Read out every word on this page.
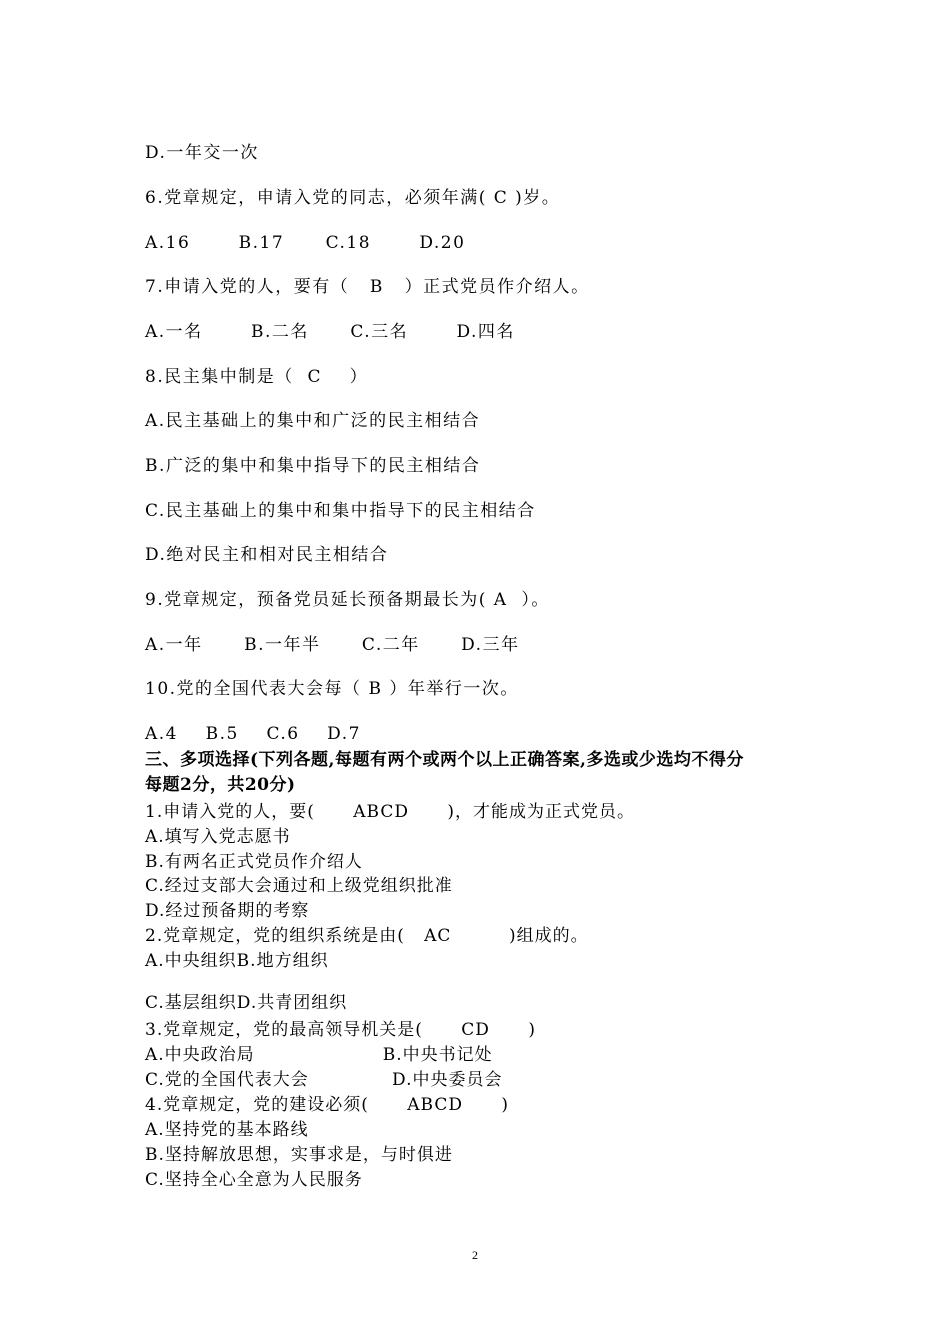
D.一年交一次
6.党章规定，申请入党的同志，必须年满( C )岁。
A.16       B.17      C.18       D.20
7.申请入党的人，要有（   B   ）正式党员作介绍人。
A.一名       B.二名      C.三名       D.四名
8.民主集中制是（  C    ）
A.民主基础上的集中和广泛的民主相结合
B.广泛的集中和集中指导下的民主相结合
C.民主基础上的集中和集中指导下的民主相结合
D.绝对民主和相对民主相结合
9.党章规定，预备党员延长预备期最长为( A  ）。
A.一年      B.一年半      C.二年      D.三年
10.党的全国代表大会每（ B ）年举行一次。
A.4    B.5    C.6    D.7
三、多项选择(下列各题,每题有两个或两个以上正确答案,多选或少选均不得分
每题2分，共20分)
1.申请入党的人，要(      ABCD      )，才能成为正式党员。
A.填写入党志愿书
B.有两名正式党员作介绍人
C.经过支部大会通过和上级党组织批准
D.经过预备期的考察
2.党章规定，党的组织系统是由(   AC         )组成的。
A.中央组织B.地方组织
C.基层组织D.共青团组织
3.党章规定，党的最高领导机关是(      CD      )
A.中央政治局                    B.中央书记处
C.党的全国代表大会             D.中央委员会
4.党章规定，党的建设必须(      ABCD      )
A.坚持党的基本路线
B.坚持解放思想，实事求是，与时俱进
C.坚持全心全意为人民服务
2
